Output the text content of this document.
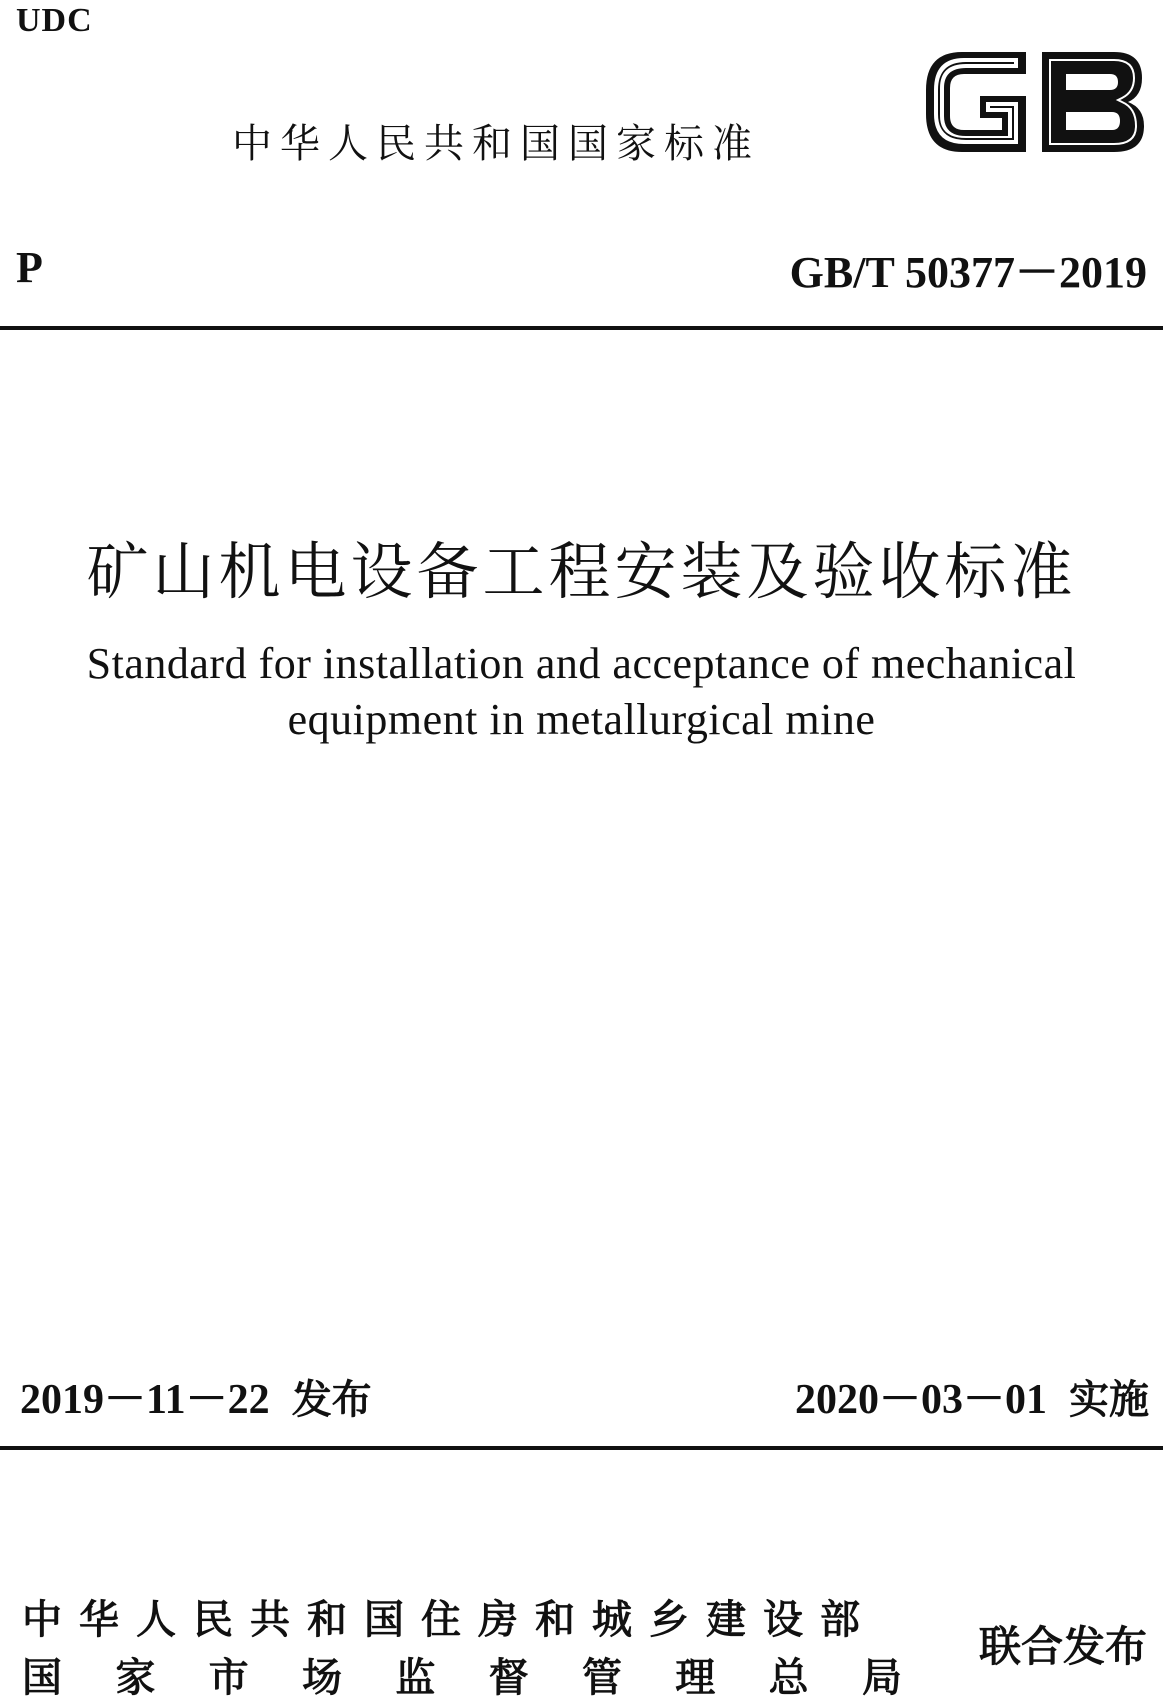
UDC
中华人民共和国国家标准
P	GB/T 50377－2019
矿山机电设备工程安装及验收标准
Standard for installation and acceptance of mechanical
equipment in metallurgical mine
2019－11－22 发布	2020－03－01 实施
中华人民共和国住房和城乡建设部
国 家 市 场 监 督 管 理 总 局
联合发布
